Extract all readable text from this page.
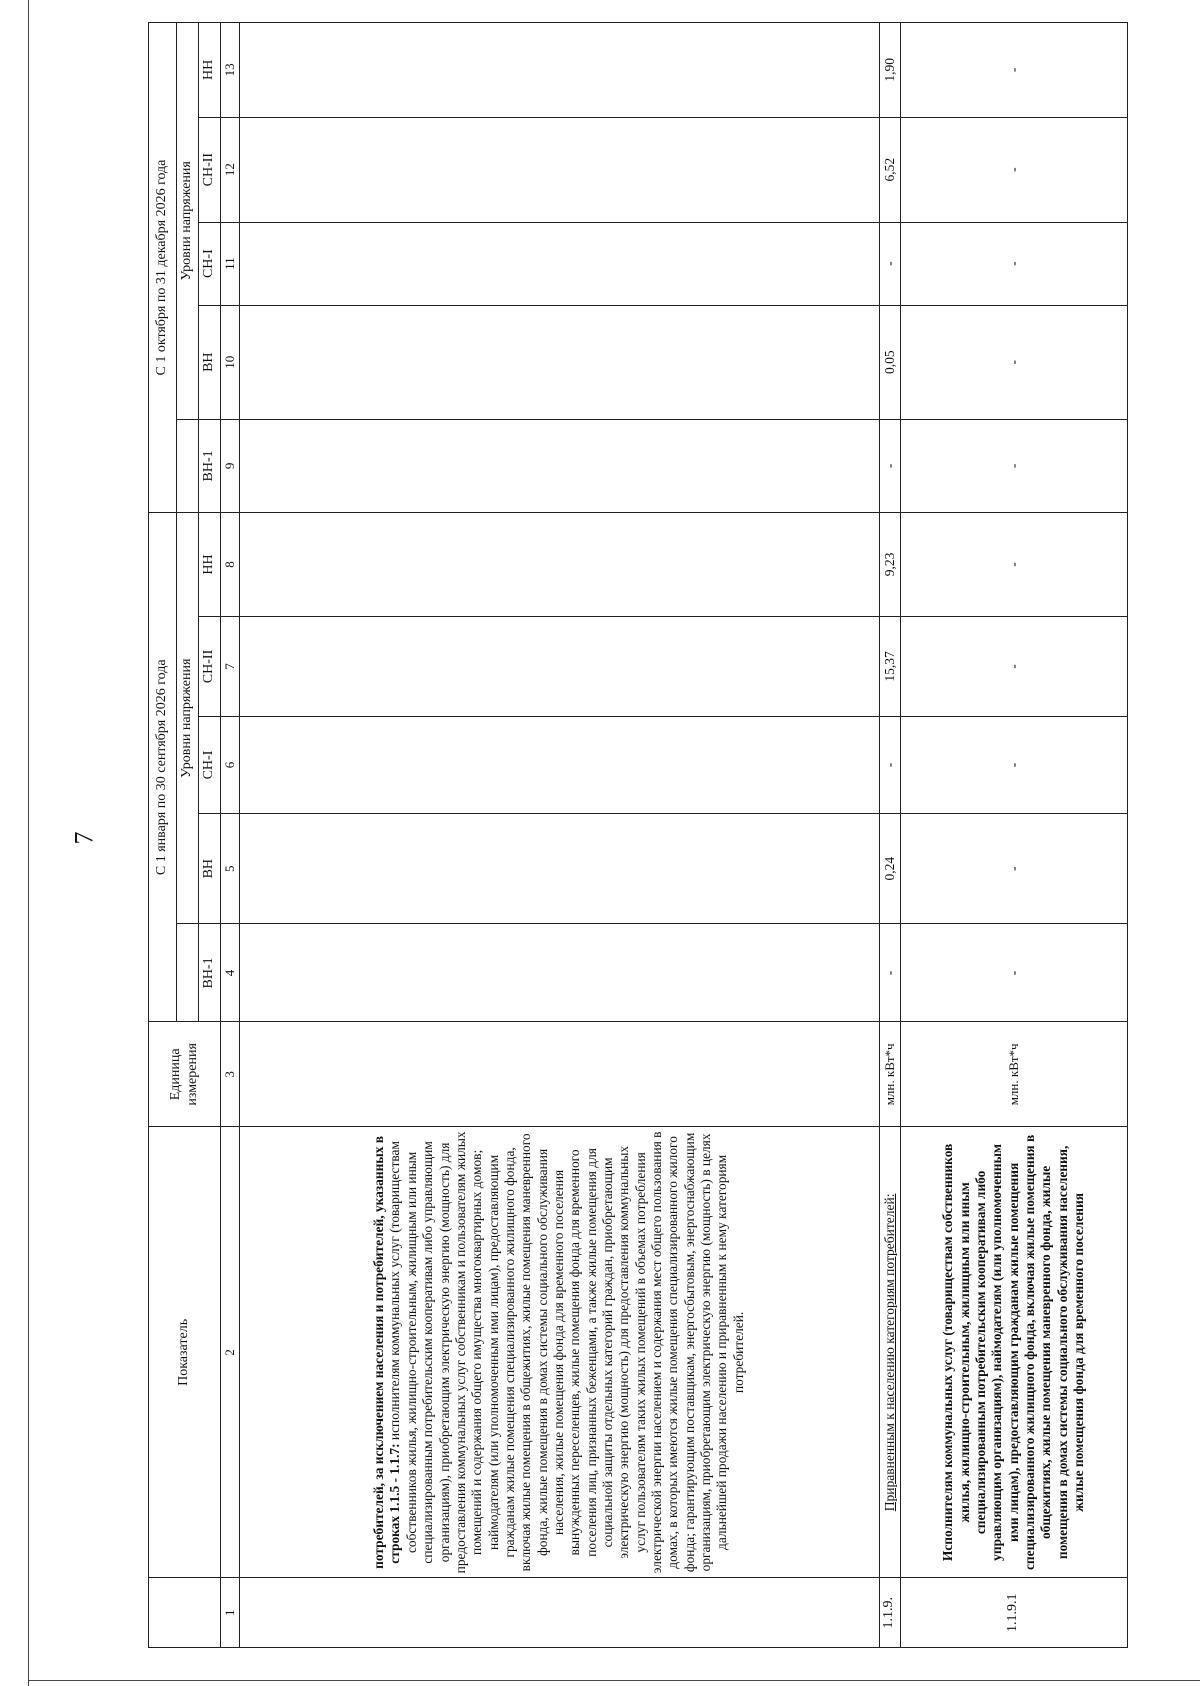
7
	Показатель	Единица измерения	С 1 января по 30 сентября 2026 года					С 1 октября по 31 декабря 2026 года				
				Уровни напряжения					Уровни напряжения			
			ВН-1	ВН	СН-I	СН-II	НН	ВН-1	ВН	СН-I	СН-II	НН
1	2	3	4	5	6	7	8	9	10	11	12	13
	потребителей, за исключением населения и потребителей, указанных в строках 1.1.5 - 1.1.7: исполнителям коммунальных услуг (товариществам собственников жилья, жилищно-строительным, жилищным или иным специализированным потребительским кооперативам либо управляющим организациям), приобретающим электрическую энергию (мощность) для предоставления коммунальных услуг собственникам и пользователям жилых помещений и содержания общего имущества многоквартирных домов; наймодателям (или уполномоченным ими лицам), предоставляющим гражданам жилые помещения специализированного жилищного фонда, включая жилые помещения в общежитиях, жилые помещения маневренного фонда, жилые помещения в домах системы социального обслуживания населения, жилые помещения фонда для временного поселения вынужденных переселенцев, жилые помещения фонда для временного поселения лиц, признанных беженцами, а также жилые помещения для социальной защиты отдельных категорий граждан, приобретающим электрическую энергию (мощность) для предоставления коммунальных услуг пользователям таких жилых помещений в объемах потребления электрической энергии населением и содержания мест общего пользования в домах, в которых имеются жилые помещения специализированного жилого фонда; гарантирующим поставщикам, энергосбытовым, энергоснабжающим организациям, приобретающим электрическую энергию (мощность) в целях дальнейшей продажи населению и приравненным к нему категориям потребителей.											
1.1.9.	Приравненным к населению категориям потребителей:	млн. кВт*ч	-	0,24	-	15,37	9,23	-	0,05	-	6,52	1,90
1.1.9.1	Исполнителям коммунальных услуг (товариществам собственников жилья, жилищно-строительным, жилищным или иным специализированным потребительским кооперативам либо управляющим организациям), наймодателям (или уполномоченным ими лицам), предоставляющим гражданам жилые помещения специализированного жилищного фонда, включая жилые помещения в общежитиях, жилые помещения маневренного фонда, жилые помещения в домах системы социального обслуживания населения, жилые помещения фонда для временного поселения	млн. кВт*ч	-	-	-	-	-	-	-	-	-	-
